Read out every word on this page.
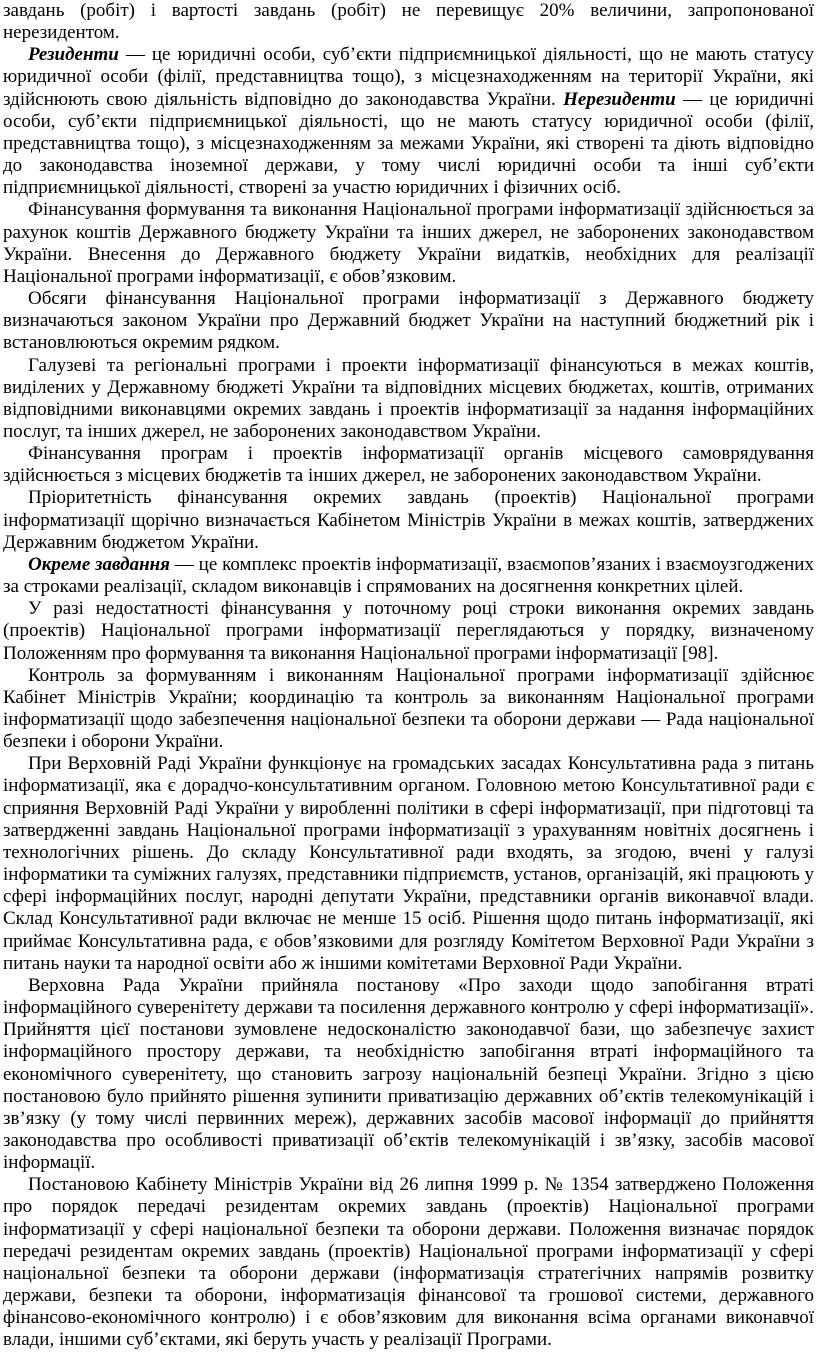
завдань (робіт) і вартості завдань (робіт) не перевищує 20% величини, запропонованої нерезидентом.

Резиденти — це юридичні особи, суб’єкти підприємницької діяльності, що не мають статусу юридичної особи (філії, представництва тощо), з місцезнаходженням на території України, які здійснюють свою діяльність відповідно до законодавства України. Нерезиденти — це юридичні особи, суб’єкти підприємницької діяльності, що не мають статусу юридичної особи (філії, представництва тощо), з місцезнаходженням за межами України, які створені та діють відповідно до законодавства іноземної держави, у тому числі юридичні особи та інші суб’єкти підприємницької діяльності, створені за участю юридичних і фізичних осіб.

Фінансування формування та виконання Національної програми інформатизації здійснюється за рахунок коштів Державного бюджету України та інших джерел, не заборонених законодавством України. Внесення до Державного бюджету України видатків, необхідних для реалізації Національної програми інформатизації, є обов’язковим.

Обсяги фінансування Національної програми інформатизації з Державного бюджету визначаються законом України про Державний бюджет України на наступний бюджетний рік і встановлюються окремим рядком.

Галузеві та регіональні програми і проекти інформатизації фінансуються в межах коштів, виділених у Державному бюджеті України та відповідних місцевих бюджетах, коштів, отриманих відповідними виконавцями окремих завдань і проектів інформатизації за надання інформаційних послуг, та інших джерел, не заборонених законодавством України.

Фінансування програм і проектів інформатизації органів місцевого самоврядування здійснюється з місцевих бюджетів та інших джерел, не заборонених законодавством України.

Пріоритетність фінансування окремих завдань (проектів) Національної програми інформатизації щорічно визначається Кабінетом Міністрів України в межах коштів, затверджених Державним бюджетом України.

Окреме завдання — це комплекс проектів інформатизації, взаємопов’язаних і взаємоузгоджених за строками реалізації, складом виконавців і спрямованих на досягнення конкретних цілей.

У разі недостатності фінансування у поточному році строки виконання окремих завдань (проектів) Національної програми інформатизації переглядаються у порядку, визначеному Положенням про формування та виконання Національної програми інформатизації [98].

Контроль за формуванням і виконанням Національної програми інформатизації здійснює Кабінет Міністрів України; координацію та контроль за виконанням Національної програми інформатизації щодо забезпечення національної безпеки та оборони держави — Рада національної безпеки і оборони України.

При Верховній Раді України функціонує на громадських засадах Консультативна рада з питань інформатизації, яка є дорадчо-консультативним органом. Головною метою Консультативної ради є сприяння Верховній Раді України у виробленні політики в сфері інформатизації, при підготовці та затвердженні завдань Національної програми інформатизації з урахуванням новітніх досягнень і технологічних рішень. До складу Консультативної ради входять, за згодою, вчені у галузі інформатики та суміжних галузях, представники підприємств, установ, організацій, які працюють у сфері інформаційних послуг, народні депутати України, представники органів виконавчої влади. Склад Консультативної ради включає не менше 15 осіб. Рішення щодо питань інформатизації, які приймає Консультативна рада, є обов’язковими для розгляду Комітетом Верховної Ради України з питань науки та народної освіти або ж іншими комітетами Верховної Ради України.

Верховна Рада України прийняла постанову «Про заходи щодо запобігання втраті інформаційного суверенітету держави та посилення державного контролю у сфері інформатизації». Прийняття цієї постанови зумовлене недосконалістю законодавчої бази, що забезпечує захист інформаційного простору держави, та необхідністю запобігання втраті інформаційного та економічного суверенітету, що становить загрозу національній безпеці України. Згідно з цією постановою було прийнято рішення зупинити приватизацію державних об’єктів телекомунікацій і зв’язку (у тому числі первинних мереж), державних засобів масової інформації до прийняття законодавства про особливості приватизації об’єктів телекомунікацій і зв’язку, засобів масової інформації.

Постановою Кабінету Міністрів України від 26 липня 1999 р. № 1354 затверджено Положення про порядок передачі резидентам окремих завдань (проектів) Національної програми інформатизації у сфері національної безпеки та оборони держави. Положення визначає порядок передачі резидентам окремих завдань (проектів) Національної програми інформатизації у сфері національної безпеки та оборони держави (інформатизація стратегічних напрямів розвитку держави, безпеки та оборони, інформатизація фінансової та грошової системи, державного фінансово-економічного контролю) і є обов’язковим для виконання всіма органами виконавчої влади, іншими суб’єктами, які беруть участь у реалізації Програми.
